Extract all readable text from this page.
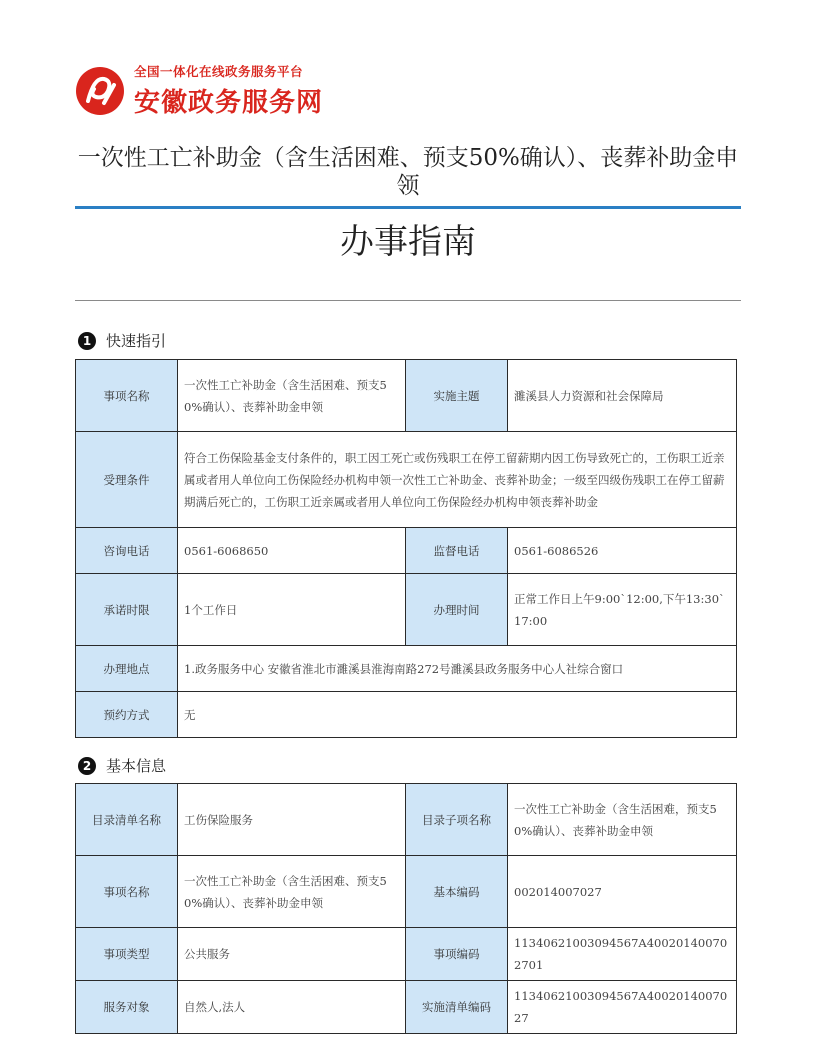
全国一体化在线政务服务平台
安徽政务服务网
一次性工亡补助金（含生活困难、预支50%确认）、丧葬补助金申领
办事指南
1 快速指引
事项名称	一次性工亡补助金（含生活困难、预支50%确认）、丧葬补助金申领	实施主题	濉溪县人力资源和社会保障局
受理条件	符合工伤保险基金支付条件的，职工因工死亡或伤残职工在停工留薪期内因工伤导致死亡的，工伤职工近亲属或者用人单位向工伤保险经办机构申领一次性工亡补助金、丧葬补助金；一级至四级伤残职工在停工留薪期满后死亡的，工伤职工近亲属或者用人单位向工伤保险经办机构申领丧葬补助金		
咨询电话	0561-6068650	监督电话	0561-6086526
承诺时限	1个工作日	办理时间	正常工作日上午9:00`12:00,下午13:30`17:00
办理地点	1.政务服务中心 安徽省淮北市濉溪县淮海南路272号濉溪县政务服务中心人社综合窗口		
预约方式	无		
2 基本信息
目录清单名称	工伤保险服务	目录子项名称	一次性工亡补助金（含生活困难，预支50%确认）、丧葬补助金申领
事项名称	一次性工亡补助金（含生活困难、预支50%确认）、丧葬补助金申领	基本编码	002014007027
事项类型	公共服务	事项编码	11340621003094567A400201400702701
服务对象	自然人,法人	实施清单编码	11340621003094567A4002014007027
